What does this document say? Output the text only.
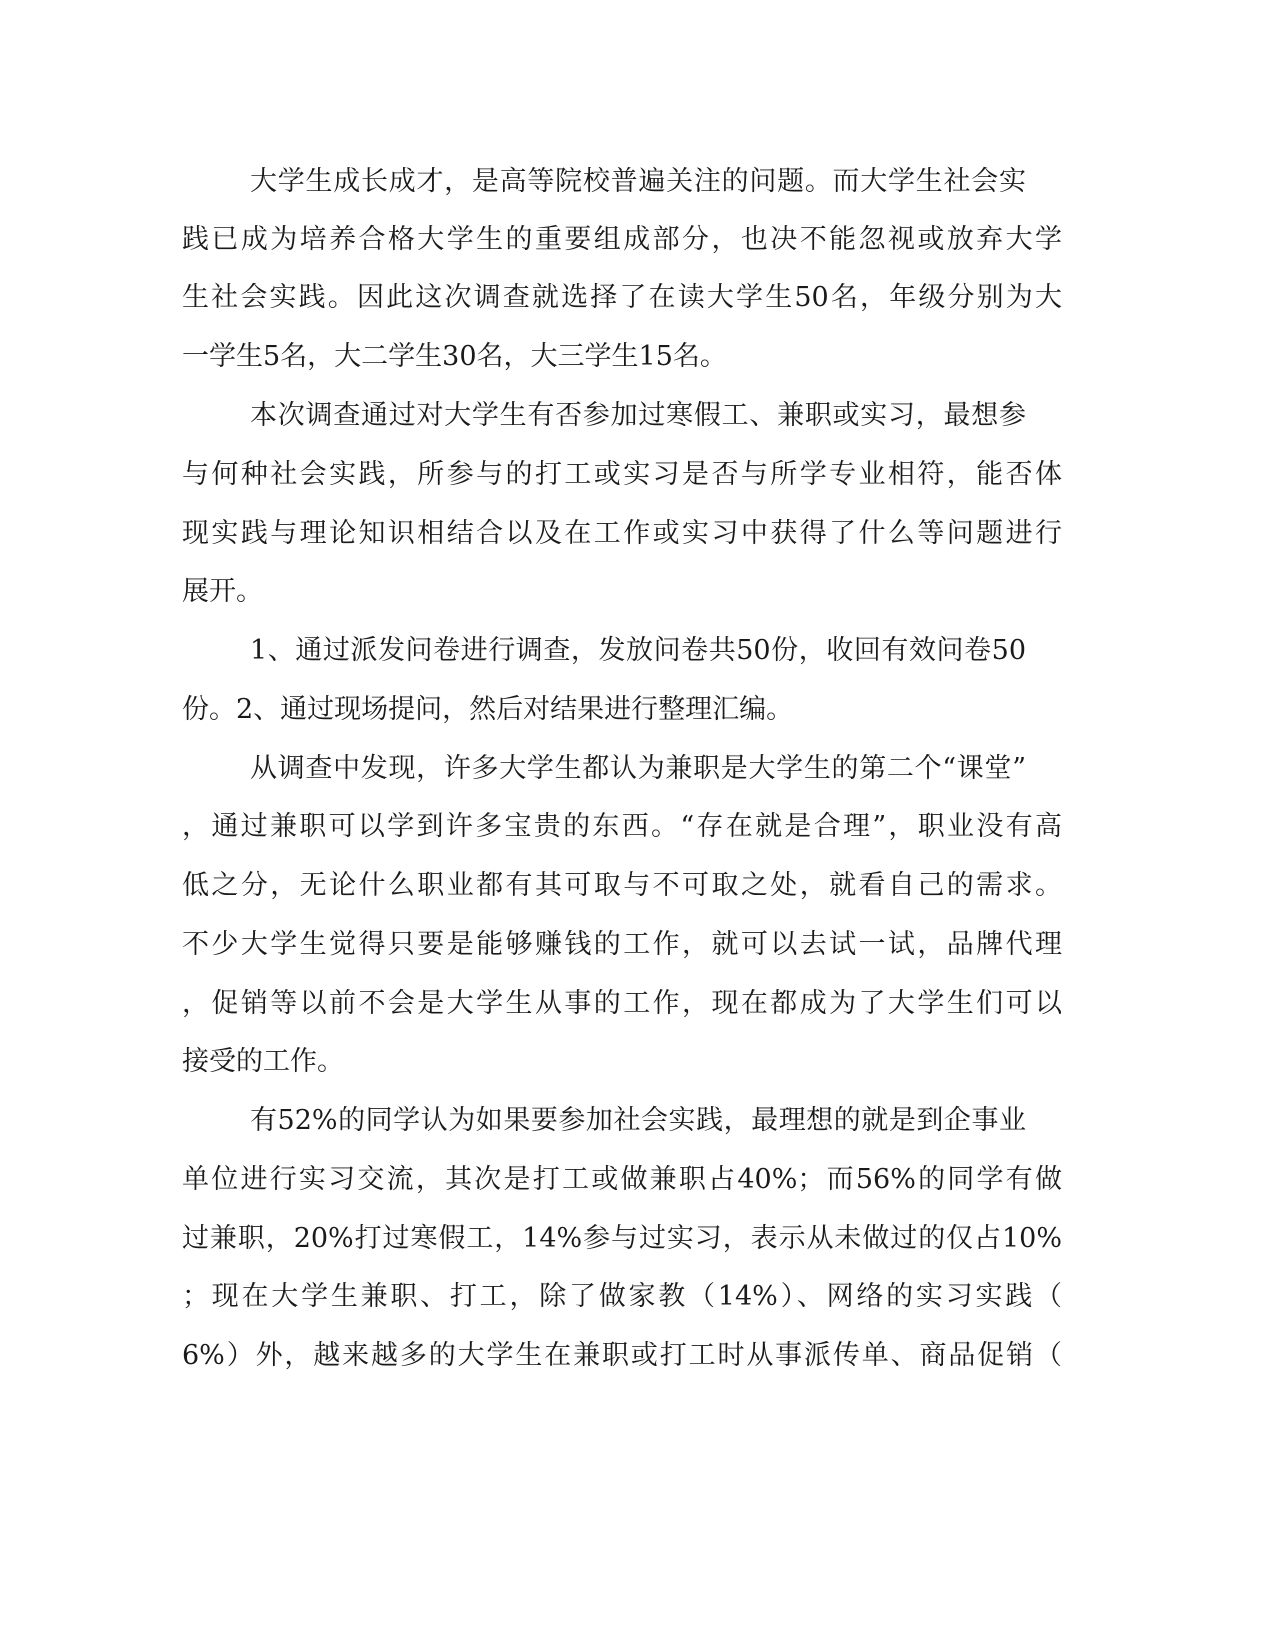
大学生成长成才，是高等院校普遍关注的问题。而大学生社会实
践已成为培养合格大学生的重要组成部分，也决不能忽视或放弃大学
生社会实践。因此这次调查就选择了在读大学生50名，年级分别为大
一学生5名，大二学生30名，大三学生15名。
本次调查通过对大学生有否参加过寒假工、兼职或实习，最想参
与何种社会实践，所参与的打工或实习是否与所学专业相符，能否体
现实践与理论知识相结合以及在工作或实习中获得了什么等问题进行
展开。
1、通过派发问卷进行调查，发放问卷共50份，收回有效问卷50
份。2、通过现场提问，然后对结果进行整理汇编。
从调查中发现，许多大学生都认为兼职是大学生的第二个“课堂”
，通过兼职可以学到许多宝贵的东西。“存在就是合理”，职业没有高
低之分，无论什么职业都有其可取与不可取之处，就看自己的需求。
不少大学生觉得只要是能够赚钱的工作，就可以去试一试，品牌代理
，促销等以前不会是大学生从事的工作，现在都成为了大学生们可以
接受的工作。
有52%的同学认为如果要参加社会实践，最理想的就是到企事业
单位进行实习交流，其次是打工或做兼职占40%；而56%的同学有做
过兼职，20%打过寒假工，14%参与过实习，表示从未做过的仅占10%
；现在大学生兼职、打工，除了做家教（14%）、网络的实习实践（
6%）外，越来越多的大学生在兼职或打工时从事派传单、商品促销（
